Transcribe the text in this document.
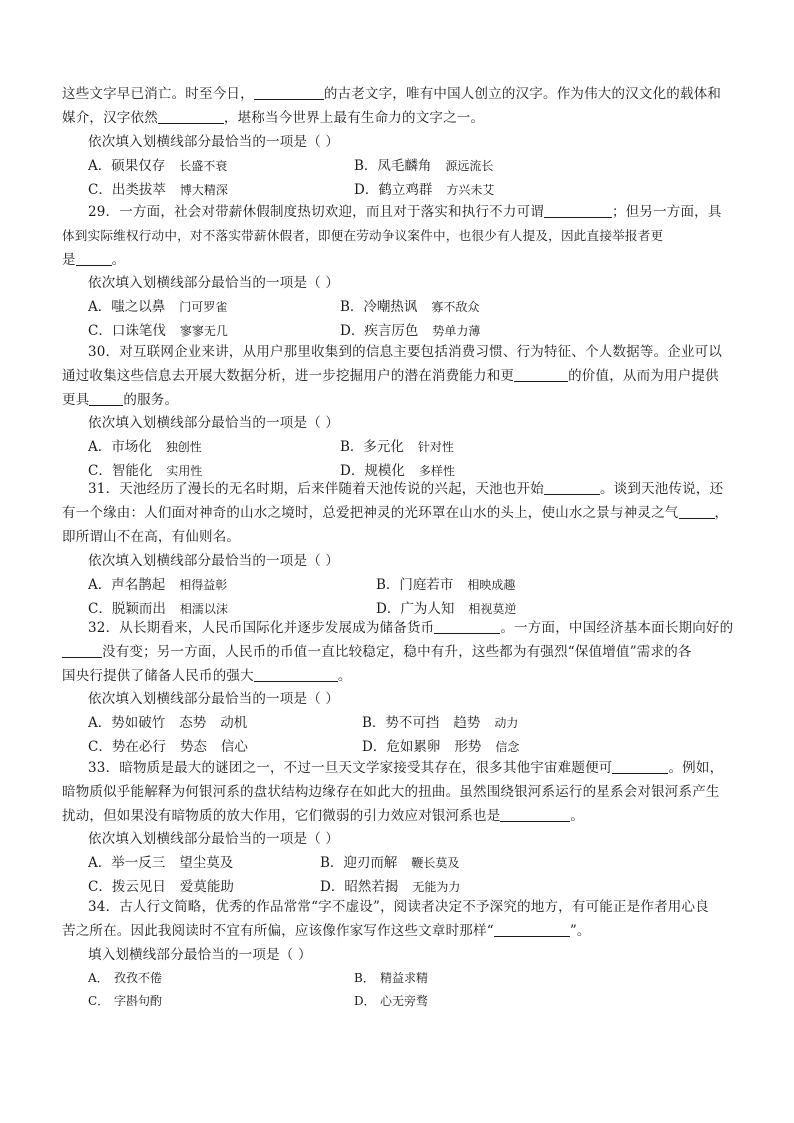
这些文字早已消亡。时至今日，	的古老文字，唯有中国人创立的汉字。作为伟大的汉文化的载体和
媒介，汉字依然	，堪称当今世界上最有生命力的文字之一。
依次填入划横线部分最恰当的一项是（ ）
A．硕果仅存 长盛不衰	B．凤毛麟角 源远流长
C．出类拔萃 博大精深	D．鹤立鸡群 方兴未艾
29．一方面，社会对带薪休假制度热切欢迎，而且对于落实和执行不力可谓	；但另一方面，具
体到实际维权行动中，对不落实带薪休假者，即便在劳动争议案件中，也很少有人提及，因此直接举报者更
是	。
依次填入划横线部分最恰当的一项是（ ）
A．嗤之以鼻 门可罗雀	B．冷嘲热讽 寡不敌众
C．口诛笔伐 寥寥无几	D．疾言厉色 势单力薄
30．对互联网企业来讲，从用户那里收集到的信息主要包括消费习惯、行为特征、个人数据等。企业可以
通过收集这些信息去开展大数据分析，进一步挖掘用户的潜在消费能力和更	的价值，从而为用户提供
更具	的服务。
依次填入划横线部分最恰当的一项是（ ）
A．市场化 独创性	B．多元化 针对性
C．智能化 实用性	D．规模化 多样性
31．天池经历了漫长的无名时期，后来伴随着天池传说的兴起，天池也开始	。谈到天池传说，还
有一个缘由：人们面对神奇的山水之境时，总爱把神灵的光环罩在山水的头上，使山水之景与神灵之气	，
即所谓山不在高，有仙则名。
依次填入划横线部分最恰当的一项是（ ）
A．声名鹊起 相得益彰	B．门庭若市 相映成趣
C．脱颖而出 相濡以沫	D．广为人知 相视莫逆
32．从长期看来，人民币国际化并逐步发展成为储备货币	。一方面，中国经济基本面长期向好的
没有变；另一方面，人民币的币值一直比较稳定，稳中有升，这些都为有强烈“保值增值”需求的各
国央行提供了储备人民币的强大	。
依次填入划横线部分最恰当的一项是（ ）
A．势如破竹 态势 动机	B．势不可挡 趋势 动力
C．势在必行 势态 信心	D．危如累卵 形势 信念
33．暗物质是最大的谜团之一，不过一旦天文学家接受其存在，很多其他宇宙难题便可	。例如，
暗物质似乎能解释为何银河系的盘状结构边缘存在如此大的扭曲。虽然围绕银河系运行的星系会对银河系产生
扰动，但如果没有暗物质的放大作用，它们微弱的引力效应对银河系也是	。
依次填入划横线部分最恰当的一项是（ ）
A．举一反三 望尘莫及	B．迎刃而解 鞭长莫及
C．拨云见日 爱莫能助	D．昭然若揭 无能为力
34．古人行文简略，优秀的作品常常“字不虚设”，阅读者决定不予深究的地方，有可能正是作者用心良
苦之所在。因此我阅读时不宜有所偏，应该像作家写作这些文章时那样“	”。
填入划横线部分最恰当的一项是（ ）
A． 孜孜不倦	B． 精益求精
C． 字斟句酌	D． 心无旁骛
